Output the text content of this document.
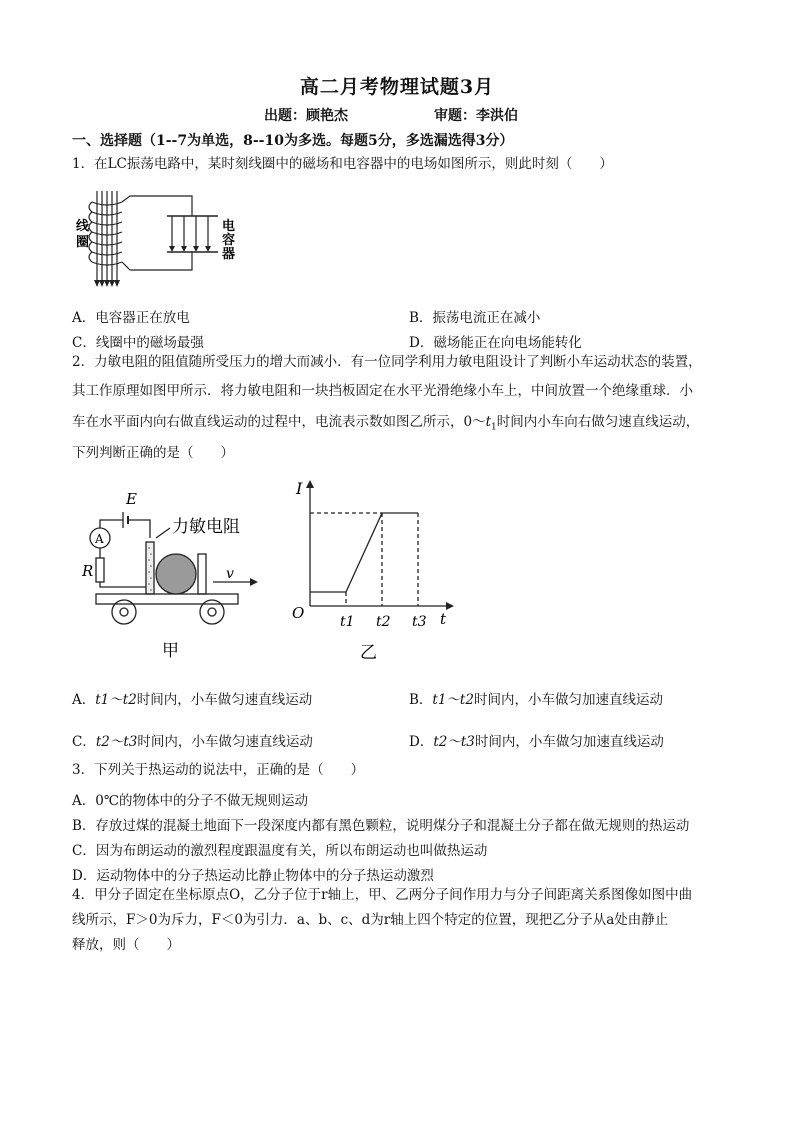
高二月考物理试题3月
出题：顾艳杰	审题：李洪伯
一、选择题（1--7为单选，8--10为多选。每题5分，多选漏选得3分）
1．在LC振荡电路中，某时刻线圈中的磁场和电容器中的电场如图所示，则此时刻（　　）
线
圈
电
容
器
A．电容器正在放电	B．振荡电流正在减小
C．线圈中的磁场最强	D．磁场能正在向电场能转化
2．力敏电阻的阻值随所受压力的增大而减小．有一位同学利用力敏电阻设计了判断小车运动状态的装置，
其工作原理如图甲所示．将力敏电阻和一块挡板固定在水平光滑绝缘小车上，中间放置一个绝缘重球．小
车在水平面内向右做直线运动的过程中，电流表示数如图乙所示，$0\sim t_1$时间内小车向右做匀速直线运动，
下列判断正确的是（　　）
E
A
R	v
力敏电阻
甲
I
t
O	t1 t2 t3
乙
A．t1～t2时间内，小车做匀速直线运动	B．t1～t2时间内，小车做匀加速直线运动
C．t2～t3时间内，小车做匀速直线运动	D．t2～t3时间内，小车做匀加速直线运动
3．下列关于热运动的说法中，正确的是（　　）
A．0℃的物体中的分子不做无规则运动
B．存放过煤的混凝土地面下一段深度内都有黑色颗粒，说明煤分子和混凝土分子都在做无规则的热运动
C．因为布朗运动的激烈程度跟温度有关，所以布朗运动也叫做热运动
D．运动物体中的分子热运动比静止物体中的分子热运动激烈
4．甲分子固定在坐标原点O，乙分子位于r轴上，甲、乙两分子间作用力与分子间距离关系图像如图中曲
线所示，F＞0为斥力，F＜0为引力．a、b、c、d为r轴上四个特定的位置，现把乙分子从a处由静止
释放，则（　　）
